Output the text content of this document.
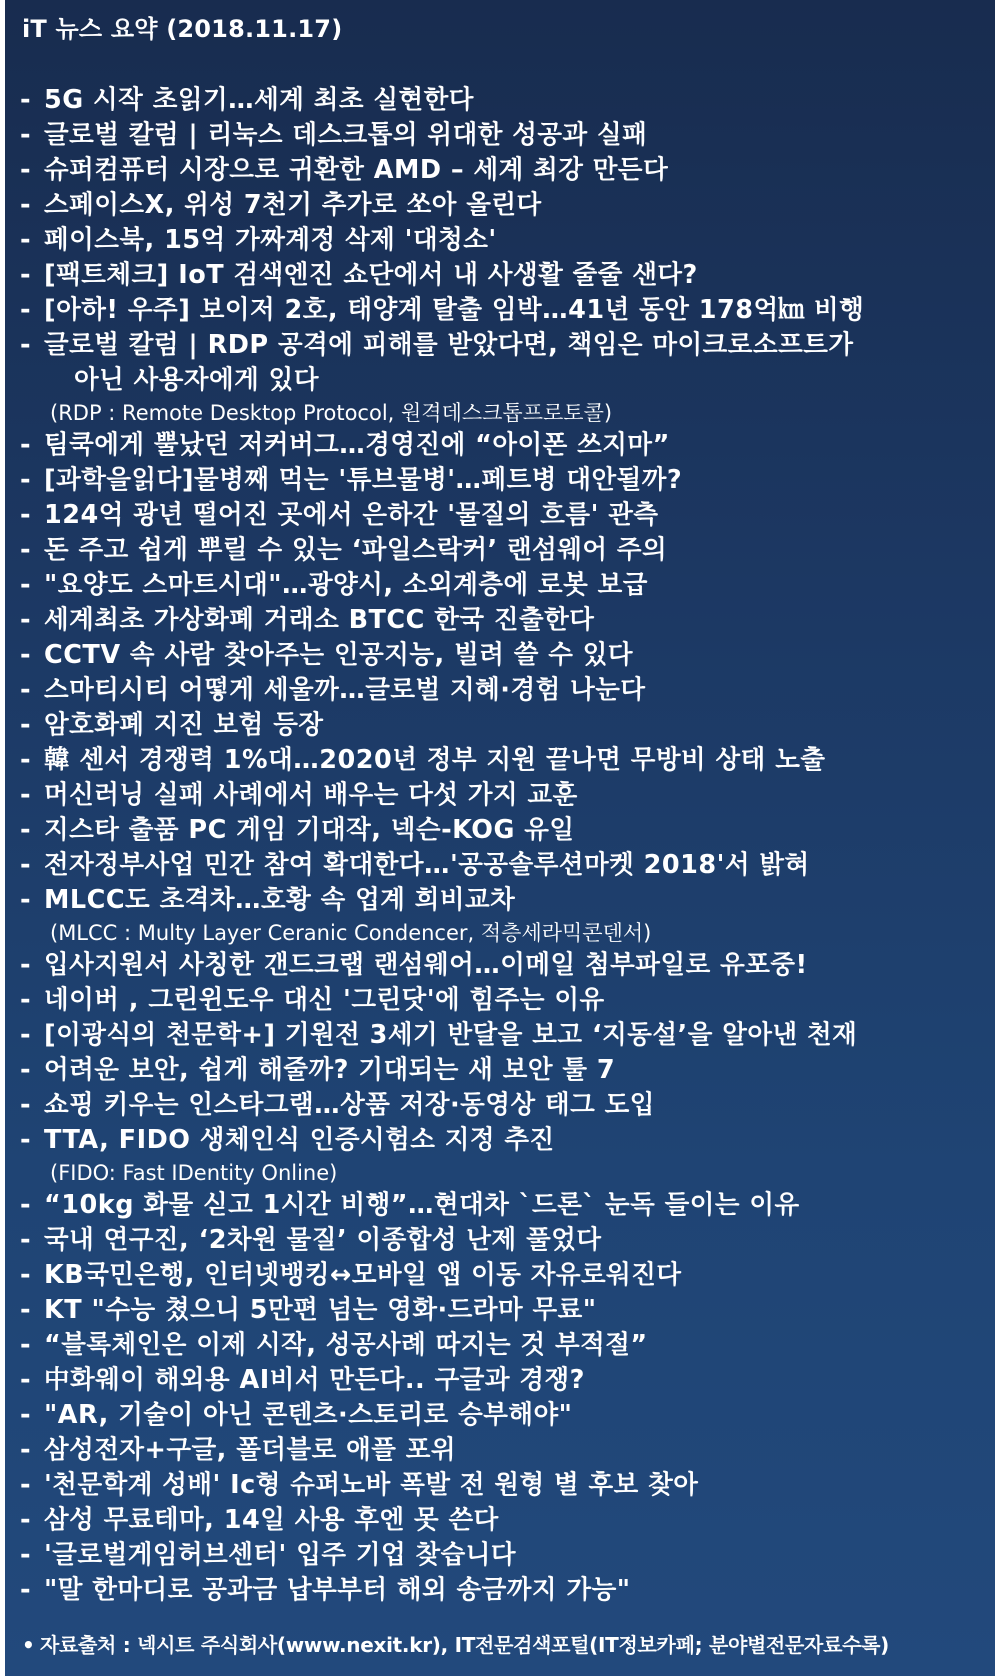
iT 뉴스 요약 (2018.11.17)
- 5G 시작 초읽기…세계 최초 실현한다
- 글로벌 칼럼 | 리눅스 데스크톱의 위대한 성공과 실패
- 슈퍼컴퓨터 시장으로 귀환한 AMD – 세계 최강 만든다
- 스페이스X, 위성 7천기 추가로 쏘아 올린다
- 페이스북, 15억 가짜계정 삭제 '대청소'
- [팩트체크] IoT 검색엔진 쇼단에서 내 사생활 줄줄 샌다?
- [아하! 우주] 보이저 2호, 태양계 탈출 임박…41년 동안 178억㎞ 비행
- 글로벌 칼럼 | RDP 공격에 피해를 받았다면, 책임은 마이크로소프트가
아닌 사용자에게 있다
(RDP : Remote Desktop Protocol, 원격데스크톱프로토콜)
- 팀쿡에게 뿔났던 저커버그…경영진에 “아이폰 쓰지마”
- [과학을읽다]물병째 먹는 '튜브물병'…페트병 대안될까?
- 124억 광년 떨어진 곳에서 은하간 '물질의 흐름' 관측
- 돈 주고 쉽게 뿌릴 수 있는 ‘파일스락커’ 랜섬웨어 주의
- "요양도 스마트시대"…광양시, 소외계층에 로봇 보급
- 세계최초 가상화폐 거래소 BTCC 한국 진출한다
- CCTV 속 사람 찾아주는 인공지능, 빌려 쓸 수 있다
- 스마티시티 어떻게 세울까…글로벌 지혜·경험 나눈다
- 암호화폐 지진 보험 등장
- 韓 센서 경쟁력 1%대…2020년 정부 지원 끝나면 무방비 상태 노출
- 머신러닝 실패 사례에서 배우는 다섯 가지 교훈
- 지스타 출품 PC 게임 기대작, 넥슨-KOG 유일
- 전자정부사업 민간 참여 확대한다…'공공솔루션마켓 2018'서 밝혀
- MLCC도 초격차…호황 속 업계 희비교차
(MLCC : Multy Layer Ceranic Condencer, 적층세라믹콘덴서)
- 입사지원서 사칭한 갠드크랩 랜섬웨어…이메일 첨부파일로 유포중!
- 네이버 , 그린윈도우 대신 '그린닷'에 힘주는 이유
- [이광식의 천문학+] 기원전 3세기 반달을 보고 ‘지동설’을 알아낸 천재
- 어려운 보안, 쉽게 해줄까? 기대되는 새 보안 툴 7
- 쇼핑 키우는 인스타그램…상품 저장·동영상 태그 도입
- TTA, FIDO 생체인식 인증시험소 지정 추진
(FIDO: Fast IDentity Online)
- “10kg 화물 싣고 1시간 비행”…현대차 `드론` 눈독 들이는 이유
- 국내 연구진, ‘2차원 물질’ 이종합성 난제 풀었다
- KB국민은행, 인터넷뱅킹↔모바일 앱 이동 자유로워진다
- KT "수능 쳤으니 5만편 넘는 영화·드라마 무료"
- “블록체인은 이제 시작, 성공사례 따지는 것 부적절”
- 中화웨이 해외용 AI비서 만든다.. 구글과 경쟁?
- "AR, 기술이 아닌 콘텐츠·스토리로 승부해야"
- 삼성전자+구글, 폴더블로 애플 포위
- '천문학계 성배' Ⅰc형 슈퍼노바 폭발 전 원형 별 후보 찾아
- 삼성 무료테마, 14일 사용 후엔 못 쓴다
- '글로벌게임허브센터' 입주 기업 찾습니다
- "말 한마디로 공과금 납부부터 해외 송금까지 가능"
• 자료출처 : 넥시트 주식회사(www.nexit.kr), IT전문검색포털(IT정보카페; 분야별전문자료수록)
